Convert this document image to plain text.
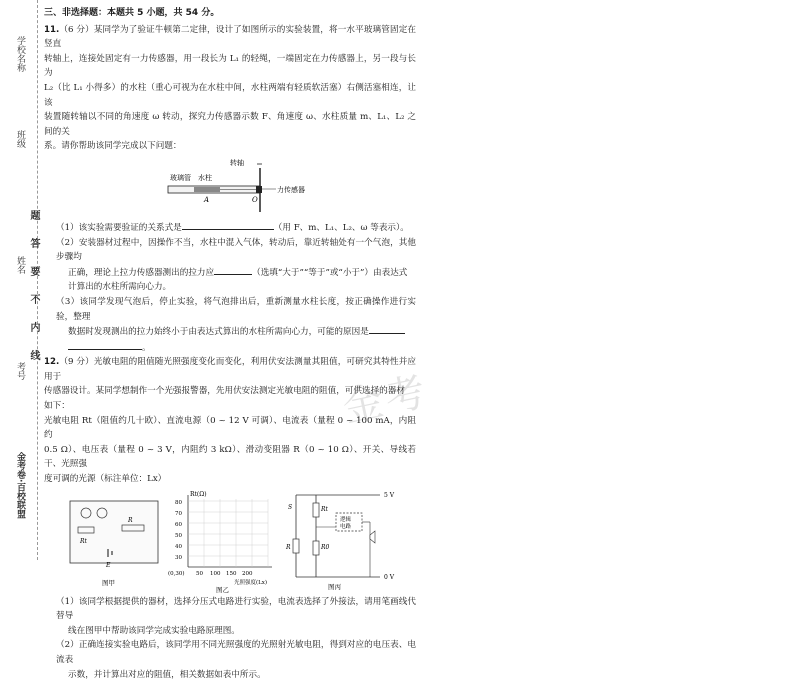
学校名称
班级
姓名
考号
题
答
要
不
内
线
金考卷·百校联盟
金考
三、非选择题：本题共 5 小题，共 54 分。
11.（6 分）某同学为了验证牛顿第二定律，设计了如图所示的实验装置，将一水平玻璃管固定在竖直
转轴上，连接处固定有一力传感器，用一段长为 L₁ 的轻绳，一端固定在力传感器上，另一段与长为
L₂（比 L₁ 小得多）的水柱（重心可视为在水柱中间，水柱两端有轻质软活塞）右侧活塞相连，让该
装置随转轴以不同的角速度 ω 转动，探究力传感器示数 F、角速度 ω、水柱质量 m、L₁、L₂ 之间的关
系。请你帮助该同学完成以下问题：
转轴
玻璃管 水柱
A	O
力传感器
（1）该实验需要验证的关系式是	（用 F、m、L₁、L₂、ω 等表示）。
（2）安装器材过程中，因操作不当，水柱中混入气体，转动后，靠近转轴处有一个气泡，其他步骤均
正确，理论上拉力传感器测出的拉力应	（选填“大于”“等于”或“小于”）由表达式
计算出的水柱所需向心力。
（3）该同学发现气泡后，停止实验，将气泡排出后，重新测量水柱长度，按正确操作进行实验，整理
数据时发现测出的拉力始终小于由表达式算出的水柱所需向心力，可能的原因是
。
12.（9 分）光敏电阻的阻值随光照强度变化而变化，利用伏安法测量其阻值，可研究其特性并应用于
传感器设计。某同学想制作一个光强报警器，先用伏安法测定光敏电阻的阻值，可供选择的器材
如下：
光敏电阻 Rt（阻值约几十欧）、直流电源（0 ~ 12 V 可调）、电流表（量程 0 ~ 100 mA，内阻约
0.5 Ω）、电压表（量程 0 ~ 3 V，内阻约 3 kΩ）、滑动变阻器 R（0 ~ 10 Ω）、开关、导线若干、光照强
度可调的光源（标注单位：Lx）
Rt
R
E
图甲
Rt(Ω)
(0,30)
80
70
60
50
40
30
50 100 150 200
光照强度(Lx)
图乙
5 V
0 V
S
R
Rt
R0
逻辑
电路
图丙
（1）该同学根据提供的器材，选择分压式电路进行实验，电流表选择了外接法，请用笔画线代替导
线在图甲中帮助该同学完成实验电路原理图。
（2）正确连接实验电路后，该同学用不同光照强度的光照射光敏电阻，得到对应的电压表、电流表
示数，并计算出对应的阻值，相关数据如表中所示。
